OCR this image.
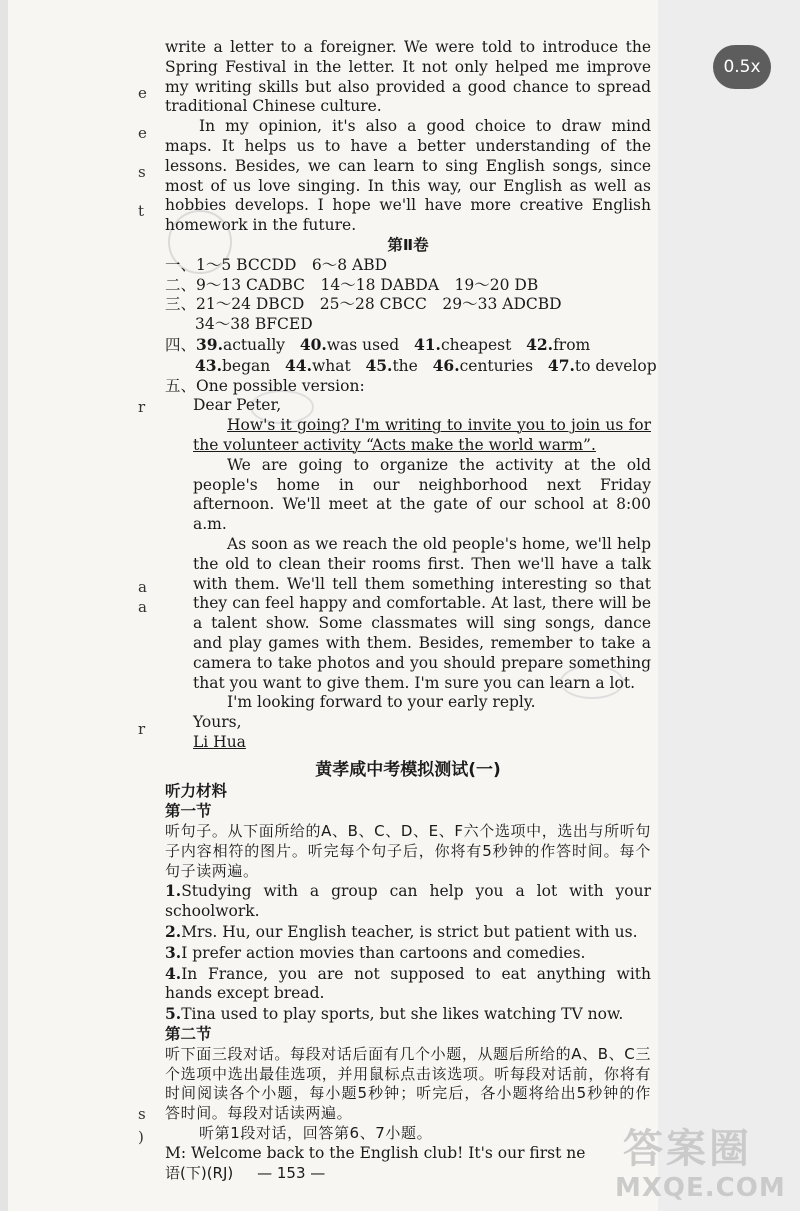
e
e
s
t
r
a
a
r
s
)

write a letter to a foreigner. We were told to introduce the Spring Festival in the letter. It not only helped me improve my writing skills but also provided a good chance to spread traditional Chinese culture.

In my opinion, it's also a good choice to draw mind maps. It helps us to have a better understanding of the lessons. Besides, we can learn to sing English songs, since most of us love singing. In this way, our English as well as hobbies develops. I hope we'll have more creative English homework in the future.

第Ⅱ卷

一、1～5 BCCDD　6～8 ABD

二、9～13 CADBC　14～18 DABDA　19～20 DB

三、21～24 DBCD　25～28 CBCC　29～33 ADCBD

34～38 BFCED

四、39.actually 40.was used 41.cheapest 42.from

43.began 44.what 45.the 46.centuries 47.to develop

五、One possible version:

Dear Peter,

How's it going? I'm writing to invite you to join us for the volunteer activity “Acts make the world warm”.

We are going to organize the activity at the old people's home in our neighborhood next Friday afternoon. We'll meet at the gate of our school at 8:00 a.m.

As soon as we reach the old people's home, we'll help the old to clean their rooms first. Then we'll have a talk with them. We'll tell them something interesting so that they can feel happy and comfortable. At last, there will be a talent show. Some classmates will sing songs, dance and play games with them. Besides, remember to take a camera to take photos and you should prepare something that you want to give them. I'm sure you can learn a lot.

I'm looking forward to your early reply.

Yours,

Li Hua

黄孝咸中考模拟测试(一)

听力材料

第一节

听句子。从下面所给的A、B、C、D、E、F六个选项中，选出与所听句子内容相符的图片。听完每个句子后，你将有5秒钟的作答时间。每个句子读两遍。

1.Studying with a group can help you a lot with your schoolwork.

2.Mrs. Hu, our English teacher, is strict but patient with us.

3.I prefer action movies than cartoons and comedies.

4.In France, you are not supposed to eat anything with hands except bread.

5.Tina used to play sports, but she likes watching TV now.

第二节

听下面三段对话。每段对话后面有几个小题，从题后所给的A、B、C三个选项中选出最佳选项，并用鼠标点击该选项。听每段对话前，你将有时间阅读各个小题，每小题5秒钟；听完后，各小题将给出5秒钟的作答时间。每段对话读两遍。

听第1段对话，回答第6、7小题。

M: Welcome back to the English club! It's our first ne

语(下)(RJ) — 153 —
答案圈
MXQE.COM
0.5x
